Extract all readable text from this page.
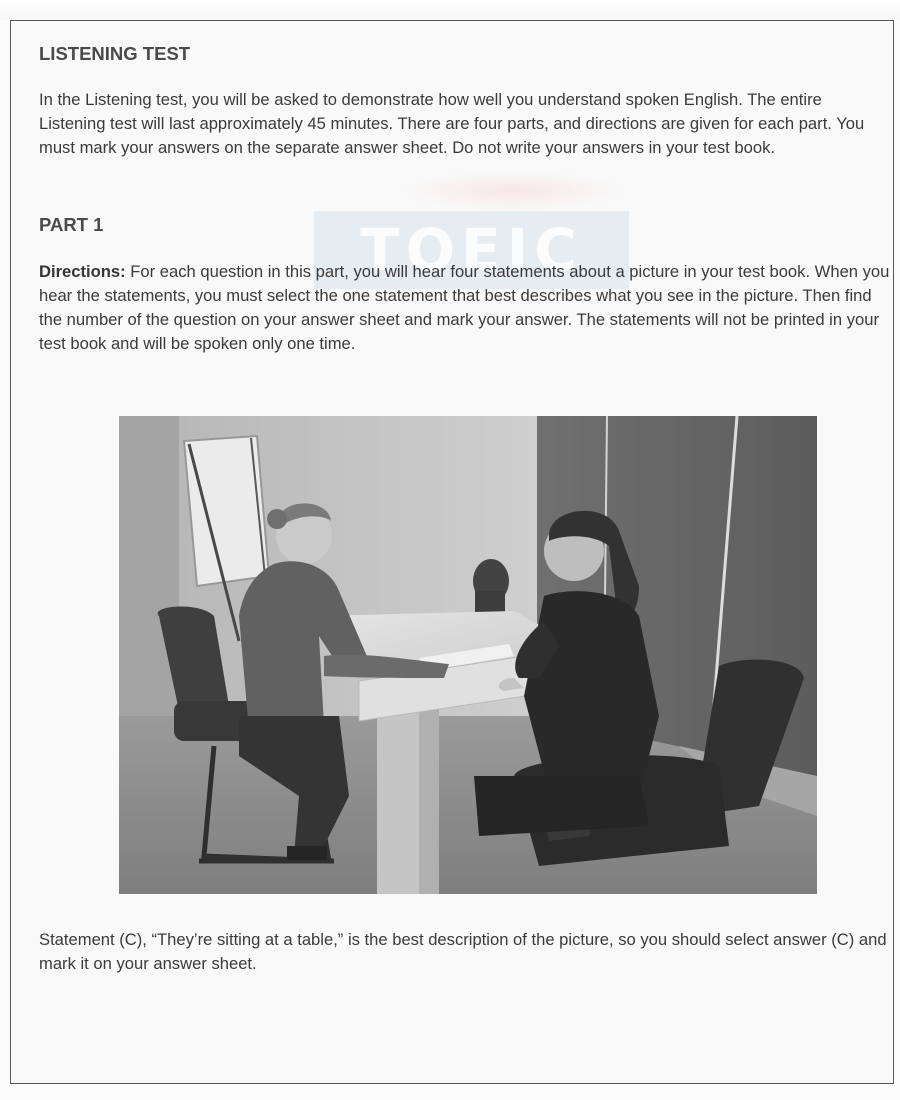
TOEIC
LISTENING TEST

In the Listening test, you will be asked to demonstrate how well you understand spoken English. The entire Listening test will last approximately 45 minutes. There are four parts, and directions are given for each part. You must mark your answers on the separate answer sheet. Do not write your answers in your test book.

PART 1

Directions: For each question in this part, you will hear four statements about a picture in your test book. When you hear the statements, you must select the one statement that best describes what you see in the picture. Then find the number of the question on your answer sheet and mark your answer. The statements will not be printed in your test book and will be spoken only one time.

Statement (C), “They’re sitting at a table,” is the best description of the picture, so you should select answer (C) and mark it on your answer sheet.
